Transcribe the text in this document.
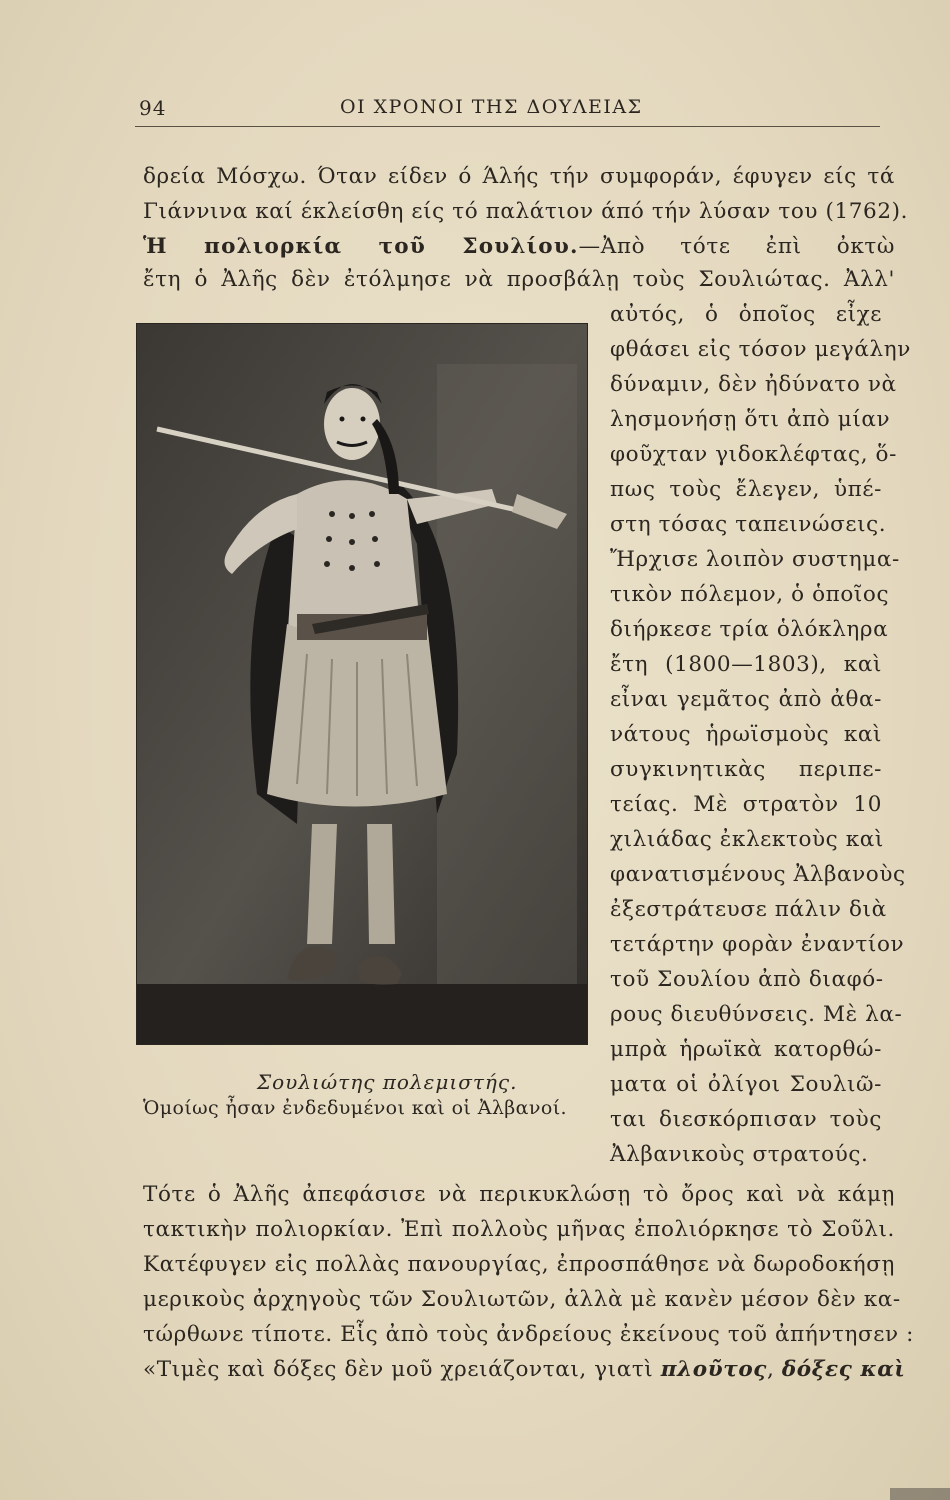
94	ΟΙ ΧΡΟΝΟΙ ΤΗΣ ΔΟΥΛΕΙΑΣ
δρεία Μόσχω. Όταν είδεν ό Άλής τήν συμφοράν, έφυγεν είς τά
Γιάννινα καί έκλείσθη είς τό παλάτιον άπό τήν λύσαν του (1762).
Ἡ πολιορκία τοῦ Σουλίου.—Ἀπὸ τότε ἐπὶ ὀκτὼ
ἔτη ὁ Ἀλῆς δὲν ἐτόλμησε νὰ προσβάλῃ τοὺς Σουλιώτας. Ἀλλ'
Σουλιώτης πολεμιστής.
Ὁμοίως ἦσαν ἐνδεδυμένοι καὶ οἱ Ἀλβανοί.
αὐτός, ὁ ὁποῖος εἶχε
φθάσει εἰς τόσον μεγάλην
δύναμιν, δὲν ἠδύνατο νὰ
λησμονήσῃ ὅτι ἀπὸ μίαν
φοῦχταν γιδοκλέφτας, ὅ-
πως τοὺς ἔλεγεν, ὑπέ-
στη τόσας ταπεινώσεις.
Ἤρχισε λοιπὸν συστημα-
τικὸν πόλεμον, ὁ ὁποῖος
διήρκεσε τρία ὁλόκληρα
ἔτη (1800—1803), καὶ
εἶναι γεμᾶτος ἀπὸ ἀθα-
νάτους ἡρωϊσμοὺς καὶ
συγκινητικὰς περιπε-
τείας. Μὲ στρατὸν 10
χιλιάδας ἐκλεκτοὺς καὶ
φανατισμένους Ἀλβανοὺς
ἐξεστράτευσε πάλιν διὰ
τετάρτην φορὰν ἐναντίον
τοῦ Σουλίου ἀπὸ διαφό-
ρους διευθύνσεις. Μὲ λα-
μπρὰ ἡρωϊκὰ κατορθώ-
ματα οἱ ὀλίγοι Σουλιῶ-
ται διεσκόρπισαν τοὺς
Ἀλβανικοὺς στρατούς.
Τότε ὁ Ἀλῆς ἀπεφάσισε νὰ περικυκλώσῃ τὸ ὄρος καὶ νὰ κάμῃ
τακτικὴν πολιορκίαν. Ἐπὶ πολλοὺς μῆνας ἐπολιόρκησε τὸ Σοῦλι.
Κατέφυγεν εἰς πολλὰς πανουργίας, ἐπροσπάθησε νὰ δωροδοκήσῃ
μερικοὺς ἀρχηγοὺς τῶν Σουλιωτῶν, ἀλλὰ μὲ κανὲν μέσον δὲν κα-
τώρθωνε τίποτε. Εἷς ἀπὸ τοὺς ἀνδρείους ἐκείνους τοῦ ἀπήντησεν :
«Τιμὲς καὶ δόξες δὲν μοῦ χρειάζονται, γιατὶ πλοῦτος, δόξες καὶ
